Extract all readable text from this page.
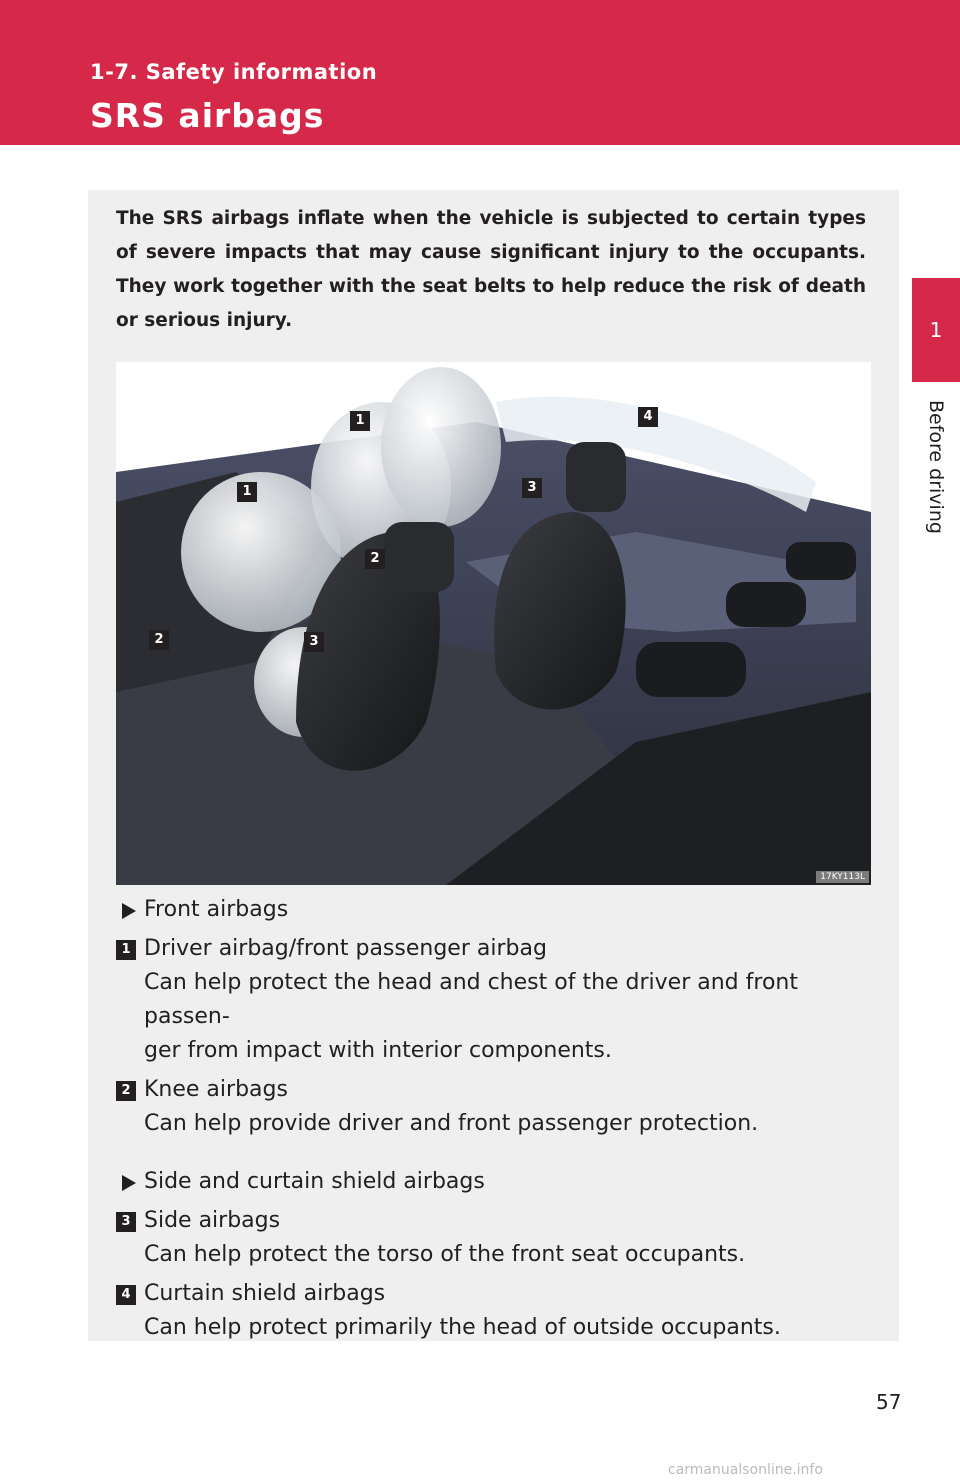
1-7. Safety information
SRS airbags
1
Before driving
The SRS airbags inflate when the vehicle is subjected to certain types of severe impacts that may cause significant injury to the occupants. They work together with the seat belts to help reduce the risk of death or serious injury.
1
1
2
2
3
3
4
17KY113L
Front airbags
1 Driver airbag/front passenger airbag
Can help protect the head and chest of the driver and front passen-
ger from impact with interior components.
2 Knee airbags
Can help provide driver and front passenger protection.
Side and curtain shield airbags
3 Side airbags
Can help protect the torso of the front seat occupants.
4 Curtain shield airbags
Can help protect primarily the head of outside occupants.
57
carmanualsonline.info
